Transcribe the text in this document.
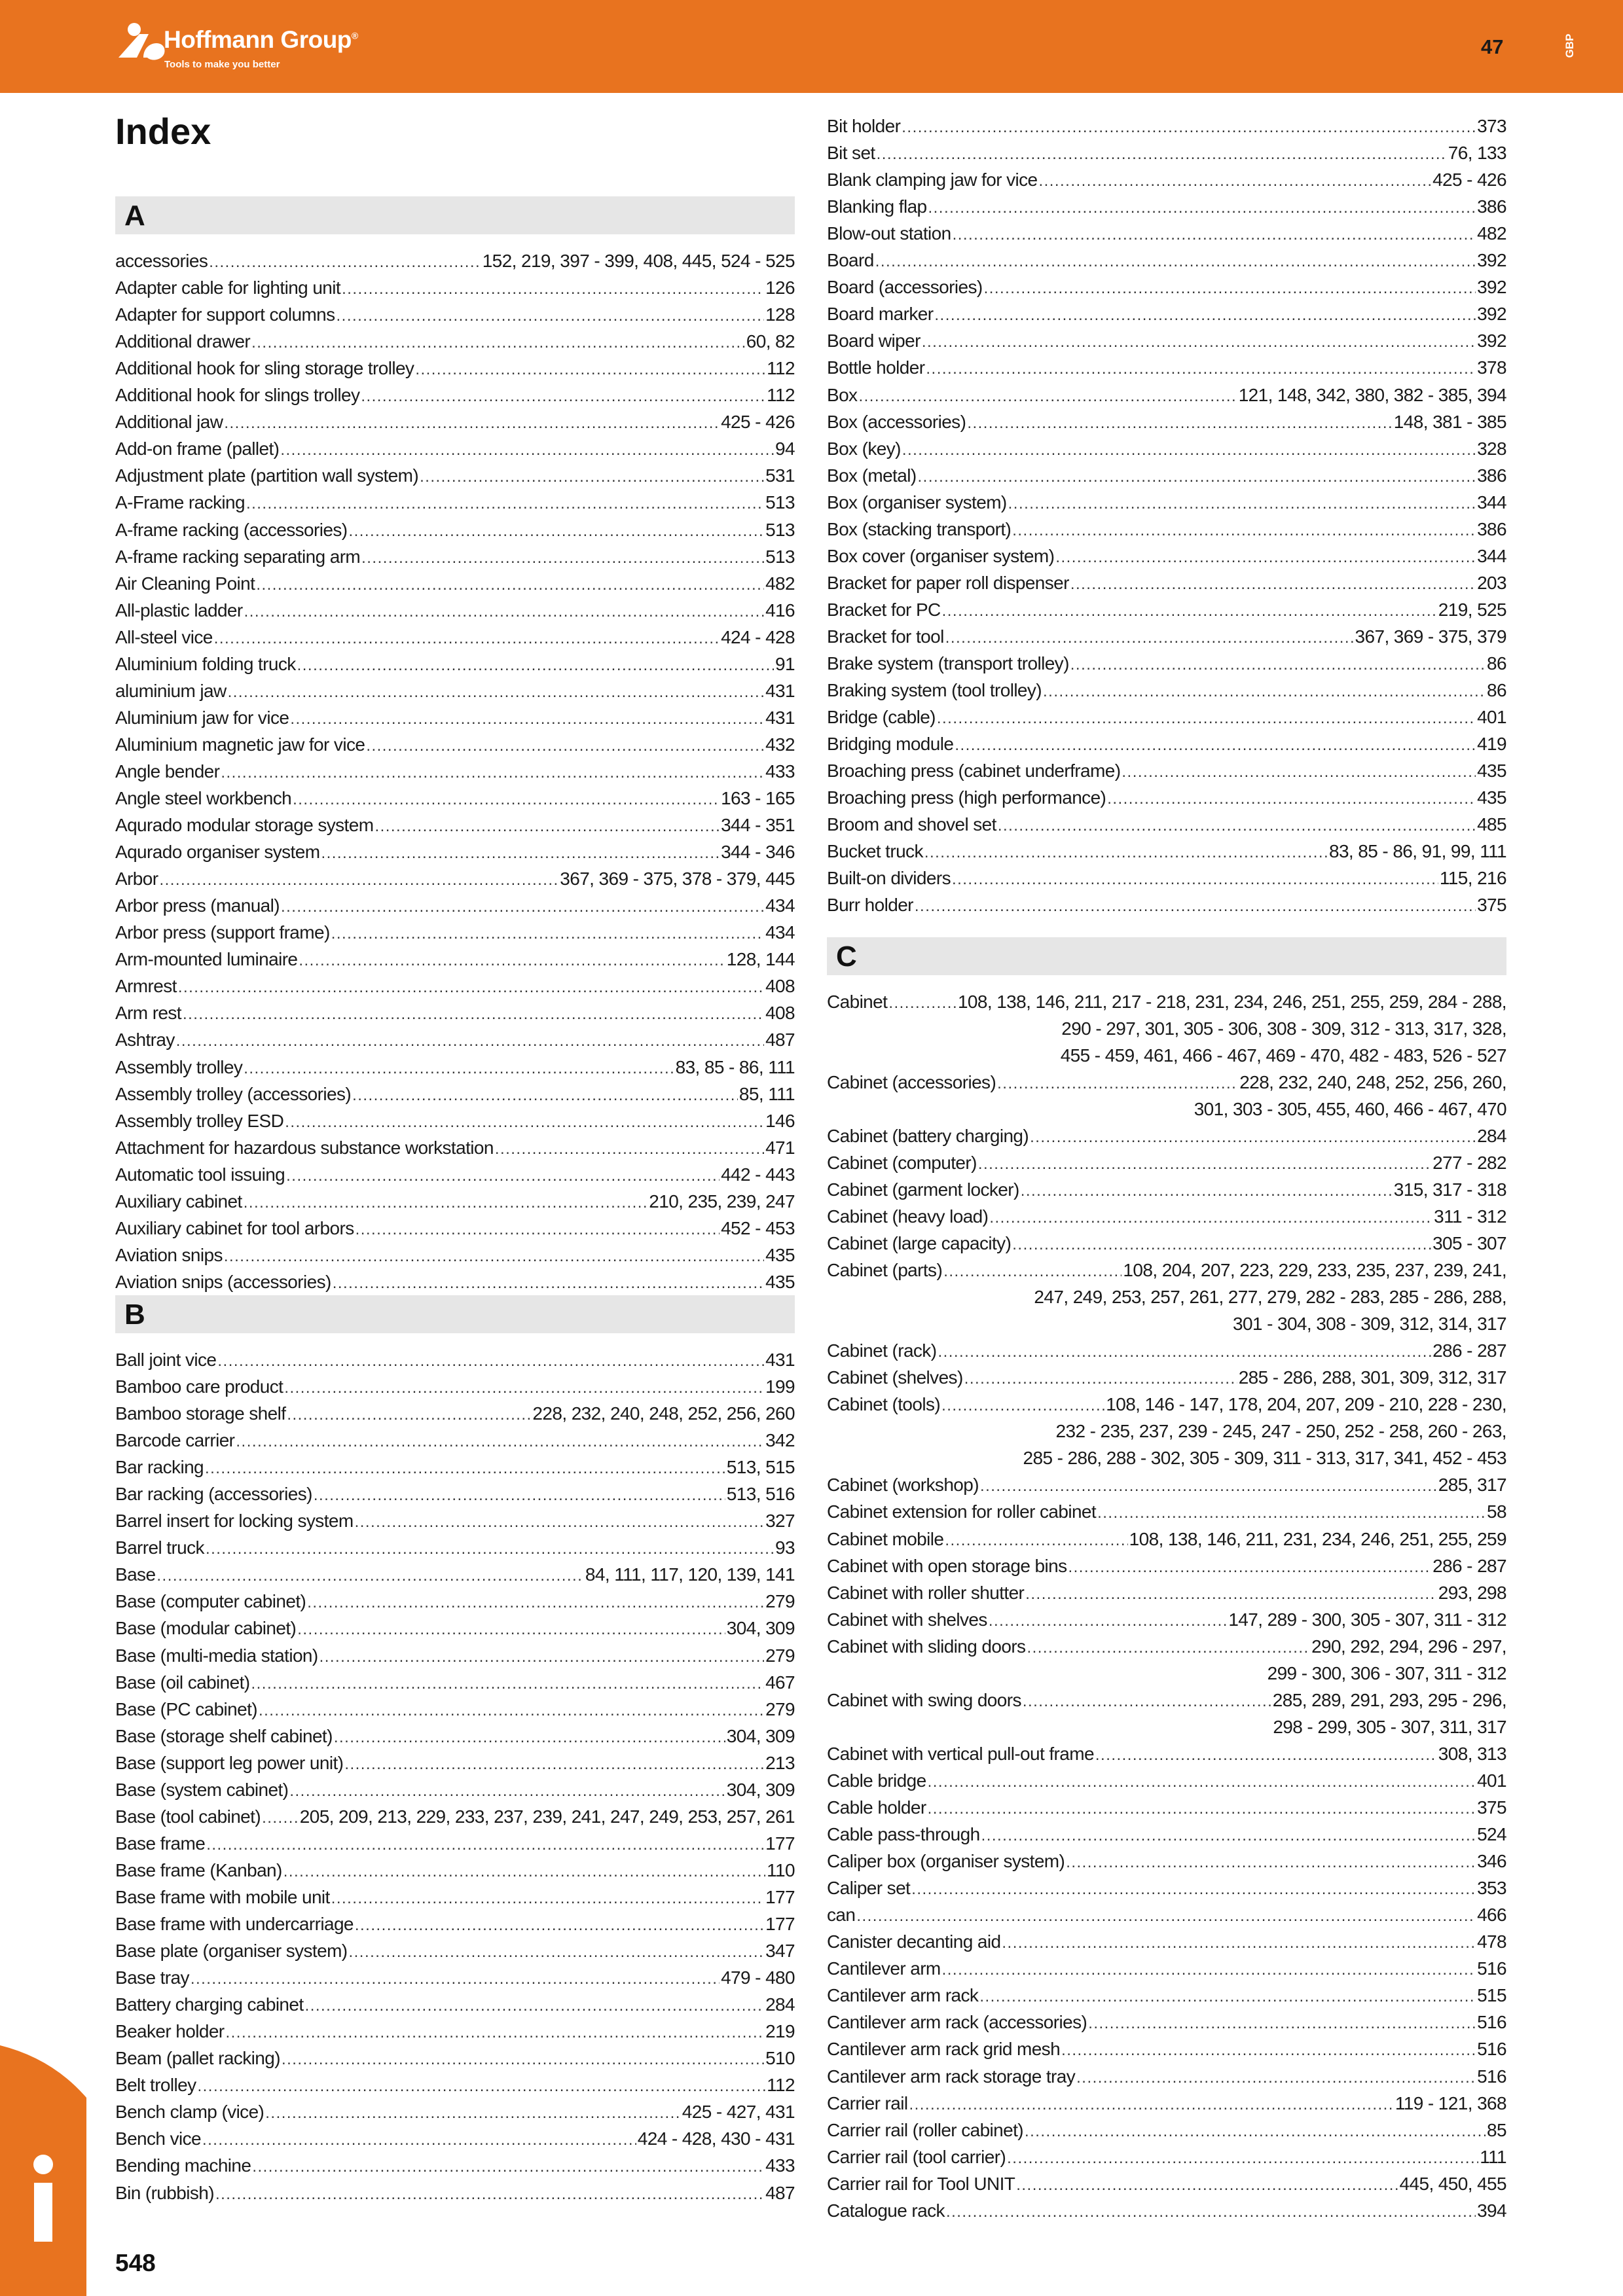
Hoffmann Group®
Tools to make you better
47	GBP
Index
A
accessories . . .	152, 219, 397 - 399, 408, 445, 524 - 525
Adapter cable for lighting unit . . .	126
Adapter for support columns . . .	128
Additional drawer . . .	60, 82
Additional hook for sling storage trolley . . .	112
Additional hook for slings trolley . . .	112
Additional jaw . . .	425 - 426
Add-on frame (pallet) . . .	94
Adjustment plate (partition wall system) . . .	531
A-Frame racking . . .	513
A-frame racking (accessories) . . .	513
A-frame racking separating arm . . .	513
Air Cleaning Point . . .	482
All-plastic ladder . . .	416
All-steel vice . . .	424 - 428
Aluminium folding truck . . .	91
aluminium jaw . . .	431
Aluminium jaw for vice . . .	431
Aluminium magnetic jaw for vice . . .	432
Angle bender . . .	433
Angle steel workbench . . .	163 - 165
Aqurado modular storage system . . .	344 - 351
Aqurado organiser system . . .	344 - 346
Arbor . . .	367, 369 - 375, 378 - 379, 445
Arbor press (manual) . . .	434
Arbor press (support frame) . . .	434
Arm-mounted luminaire . . .	128, 144
Armrest . . .	408
Arm rest . . .	408
Ashtray . . .	487
Assembly trolley . . .	83, 85 - 86, 111
Assembly trolley (accessories) . . .	85, 111
Assembly trolley ESD . . .	146
Attachment for hazardous substance workstation . . .	471
Automatic tool issuing . . .	442 - 443
Auxiliary cabinet . . .	210, 235, 239, 247
Auxiliary cabinet for tool arbors . . .	452 - 453
Aviation snips . . .	435
Aviation snips (accessories) . . .	435
B
Ball joint vice . . .	431
Bamboo care product . . .	199
Bamboo storage shelf . . .	228, 232, 240, 248, 252, 256, 260
Barcode carrier . . .	342
Bar racking . . .	513, 515
Bar racking (accessories) . . .	513, 516
Barrel insert for locking system . . .	327
Barrel truck . . .	93
Base . . .	84, 111, 117, 120, 139, 141
Base (computer cabinet) . . .	279
Base (modular cabinet) . . .	304, 309
Base (multi-media station) . . .	279
Base (oil cabinet) . . .	467
Base (PC cabinet) . . .	279
Base (storage shelf cabinet) . . .	304, 309
Base (support leg power unit) . . .	213
Base (system cabinet) . . .	304, 309
Base (tool cabinet) . . . 205, 209, 213, 229, 233, 237, 239, 241, 247, 249, 253, 257, 261
Base frame . . .	177
Base frame (Kanban) . . .	110
Base frame with mobile unit . . .	177
Base frame with undercarriage . . .	177
Base plate (organiser system) . . .	347
Base tray . . .	479 - 480
Battery charging cabinet . . .	284
Beaker holder . . .	219
Beam (pallet racking) . . .	510
Belt trolley . . .	112
Bench clamp (vice) . . .	425 - 427, 431
Bench vice . . .	424 - 428, 430 - 431
Bending machine . . .	433
Bin (rubbish) . . .	487
Bit holder . . .	373
Bit set . . .	76, 133
Blank clamping jaw for vice . . .	425 - 426
Blanking flap . . .	386
Blow-out station . . .	482
Board . . .	392
Board (accessories) . . .	392
Board marker . . .	392
Board wiper . . .	392
Bottle holder . . .	378
Box . . .	121, 148, 342, 380, 382 - 385, 394
Box (accessories) . . .	148, 381 - 385
Box (key) . . .	328
Box (metal) . . .	386
Box (organiser system) . . .	344
Box (stacking transport) . . .	386
Box cover (organiser system) . . .	344
Bracket for paper roll dispenser . . .	203
Bracket for PC . . .	219, 525
Bracket for tool . . .	367, 369 - 375, 379
Brake system (transport trolley) . . .	86
Braking system (tool trolley) . . .	86
Bridge (cable) . . .	401
Bridging module . . .	419
Broaching press (cabinet underframe) . . .	435
Broaching press (high performance) . . .	435
Broom and shovel set . . .	485
Bucket truck . . .	83, 85 - 86, 91, 99, 111
Built-on dividers . . .	115, 216
Burr holder . . .	375
C
Cabinet . . .	108, 138, 146, 211, 217 - 218, 231, 234, 246, 251, 255, 259, 284 - 288,
290 - 297, 301, 305 - 306, 308 - 309, 312 - 313, 317, 328,
455 - 459, 461, 466 - 467, 469 - 470, 482 - 483, 526 - 527
Cabinet (accessories) . . .	228, 232, 240, 248, 252, 256, 260,
301, 303 - 305, 455, 460, 466 - 467, 470
Cabinet (battery charging) . . .	284
Cabinet (computer) . . .	277 - 282
Cabinet (garment locker) . . .	315, 317 - 318
Cabinet (heavy load) . . .	311 - 312
Cabinet (large capacity) . . .	305 - 307
Cabinet (parts) . . .	108, 204, 207, 223, 229, 233, 235, 237, 239, 241,
247, 249, 253, 257, 261, 277, 279, 282 - 283, 285 - 286, 288,
301 - 304, 308 - 309, 312, 314, 317
Cabinet (rack) . . .	286 - 287
Cabinet (shelves) . . .	285 - 286, 288, 301, 309, 312, 317
Cabinet (tools) . . .	108, 146 - 147, 178, 204, 207, 209 - 210, 228 - 230,
232 - 235, 237, 239 - 245, 247 - 250, 252 - 258, 260 - 263,
285 - 286, 288 - 302, 305 - 309, 311 - 313, 317, 341, 452 - 453
Cabinet (workshop) . . .	285, 317
Cabinet extension for roller cabinet . . .	58
Cabinet mobile . . .	108, 138, 146, 211, 231, 234, 246, 251, 255, 259
Cabinet with open storage bins . . .	286 - 287
Cabinet with roller shutter . . .	293, 298
Cabinet with shelves . . .	147, 289 - 300, 305 - 307, 311 - 312
Cabinet with sliding doors . . .	290, 292, 294, 296 - 297,
299 - 300, 306 - 307, 311 - 312
Cabinet with swing doors . . .	285, 289, 291, 293, 295 - 296,
298 - 299, 305 - 307, 311, 317
Cabinet with vertical pull-out frame . . .	308, 313
Cable bridge . . .	401
Cable holder . . .	375
Cable pass-through . . .	524
Caliper box (organiser system) . . .	346
Caliper set . . .	353
can . . .	466
Canister decanting aid . . .	478
Cantilever arm . . .	516
Cantilever arm rack . . .	515
Cantilever arm rack (accessories) . . .	516
Cantilever arm rack grid mesh . . .	516
Cantilever arm rack storage tray . . .	516
Carrier rail . . .	119 - 121, 368
Carrier rail (roller cabinet) . . .	85
Carrier rail (tool carrier) . . .	111
Carrier rail for Tool UNIT . . .	445, 450, 455
Catalogue rack . . .	394
548
